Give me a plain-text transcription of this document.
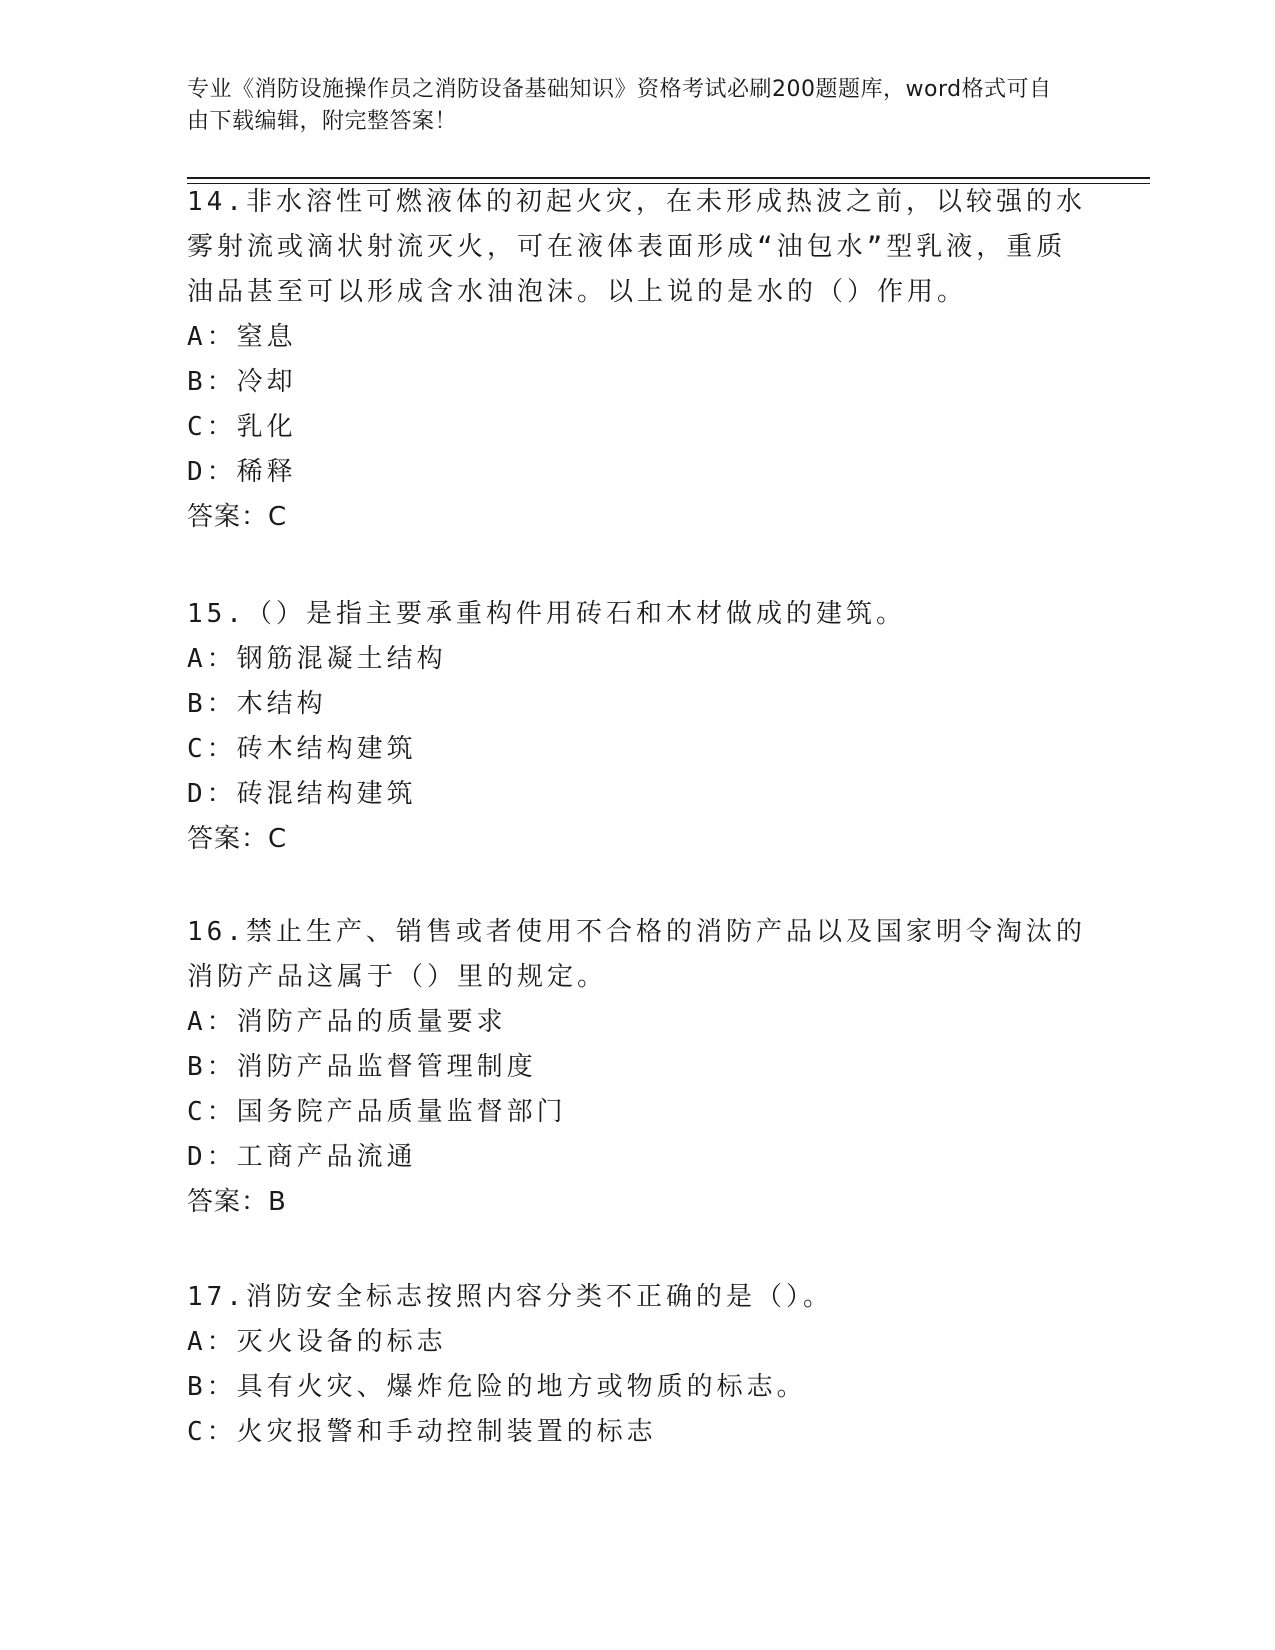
专业《消防设施操作员之消防设备基础知识》资格考试必刷200题题库，word格式可自由下载编辑，附完整答案！

14.非水溶性可燃液体的初起火灾，在未形成热波之前，以较强的水雾射流或滴状射流灭火，可在液体表面形成“油包水”型乳液，重质油品甚至可以形成含水油泡沫。以上说的是水的（）作用。

A：窒息

B：冷却

C：乳化

D：稀释

答案：C

15.（）是指主要承重构件用砖石和木材做成的建筑。

A：钢筋混凝土结构

B：木结构

C：砖木结构建筑

D：砖混结构建筑

答案：C

16.禁止生产、销售或者使用不合格的消防产品以及国家明令淘汰的消防产品这属于（）里的规定。

A：消防产品的质量要求

B：消防产品监督管理制度

C：国务院产品质量监督部门

D：工商产品流通

答案：B

17.消防安全标志按照内容分类不正确的是（）。

A：灭火设备的标志

B：具有火灾、爆炸危险的地方或物质的标志。

C：火灾报警和手动控制装置的标志
